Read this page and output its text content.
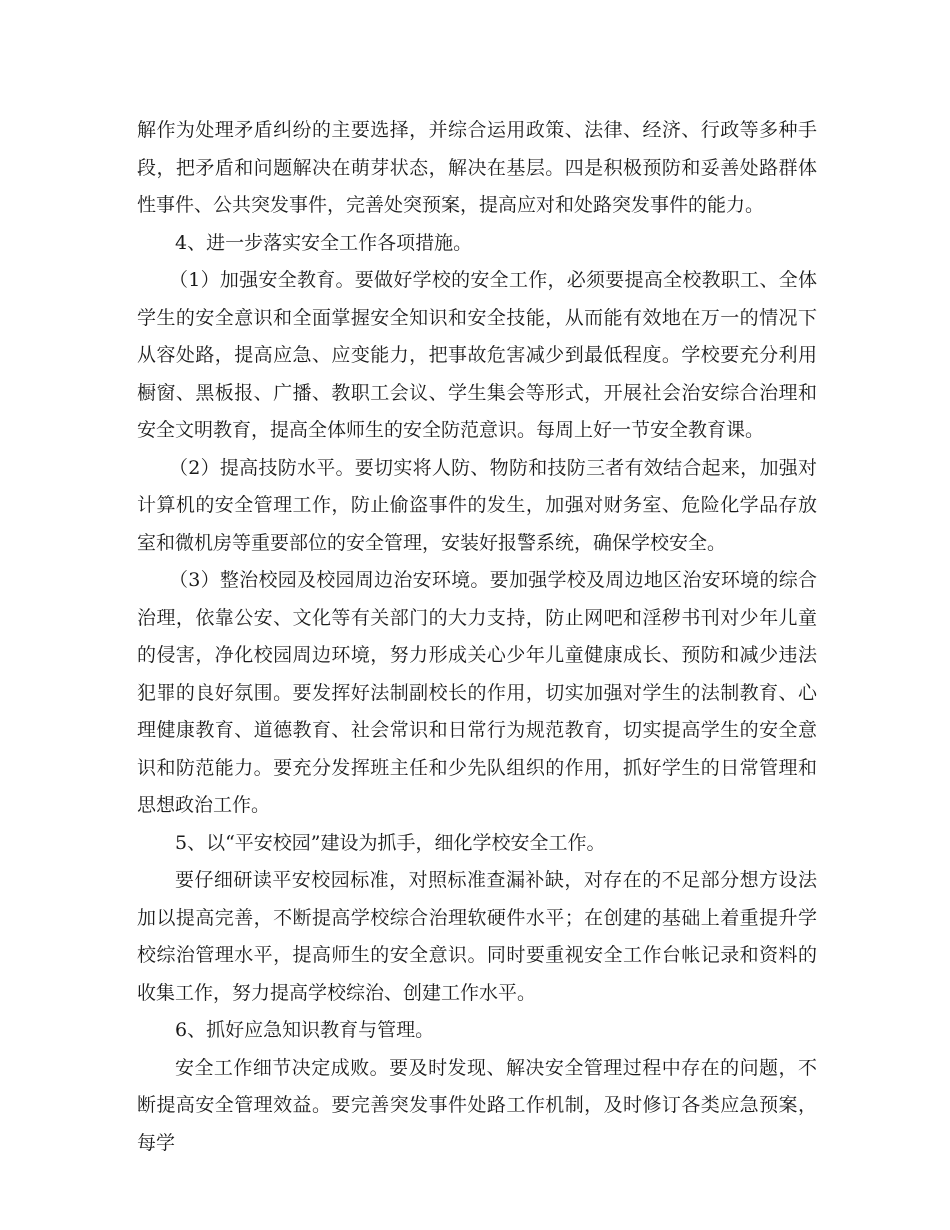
解作为处理矛盾纠纷的主要选择，并综合运用政策、法律、经济、行政等多种手段，把矛盾和问题解决在萌芽状态，解决在基层。四是积极预防和妥善处路群体性事件、公共突发事件，完善处突预案，提高应对和处路突发事件的能力。

4、进一步落实安全工作各项措施。

（1）加强安全教育。要做好学校的安全工作，必须要提高全校教职工、全体学生的安全意识和全面掌握安全知识和安全技能，从而能有效地在万一的情况下从容处路，提高应急、应变能力，把事故危害减少到最低程度。学校要充分利用橱窗、黑板报、广播、教职工会议、学生集会等形式，开展社会治安综合治理和安全文明教育，提高全体师生的安全防范意识。每周上好一节安全教育课。

（2）提高技防水平。要切实将人防、物防和技防三者有效结合起来，加强对计算机的安全管理工作，防止偷盗事件的发生，加强对财务室、危险化学品存放室和微机房等重要部位的安全管理，安装好报警系统，确保学校安全。

（3）整治校园及校园周边治安环境。要加强学校及周边地区治安环境的综合治理，依靠公安、文化等有关部门的大力支持，防止网吧和淫秽书刊对少年儿童的侵害，净化校园周边环境，努力形成关心少年儿童健康成长、预防和减少违法犯罪的良好氛围。要发挥好法制副校长的作用，切实加强对学生的法制教育、心理健康教育、道德教育、社会常识和日常行为规范教育，切实提高学生的安全意识和防范能力。要充分发挥班主任和少先队组织的作用，抓好学生的日常管理和思想政治工作。

5、以“平安校园”建设为抓手，细化学校安全工作。

要仔细研读平安校园标准，对照标准查漏补缺，对存在的不足部分想方设法加以提高完善，不断提高学校综合治理软硬件水平；在创建的基础上着重提升学校综治管理水平，提高师生的安全意识。同时要重视安全工作台帐记录和资料的收集工作，努力提高学校综治、创建工作水平。

6、抓好应急知识教育与管理。

安全工作细节决定成败。要及时发现、解决安全管理过程中存在的问题，不断提高安全管理效益。要完善突发事件处路工作机制，及时修订各类应急预案，每学
